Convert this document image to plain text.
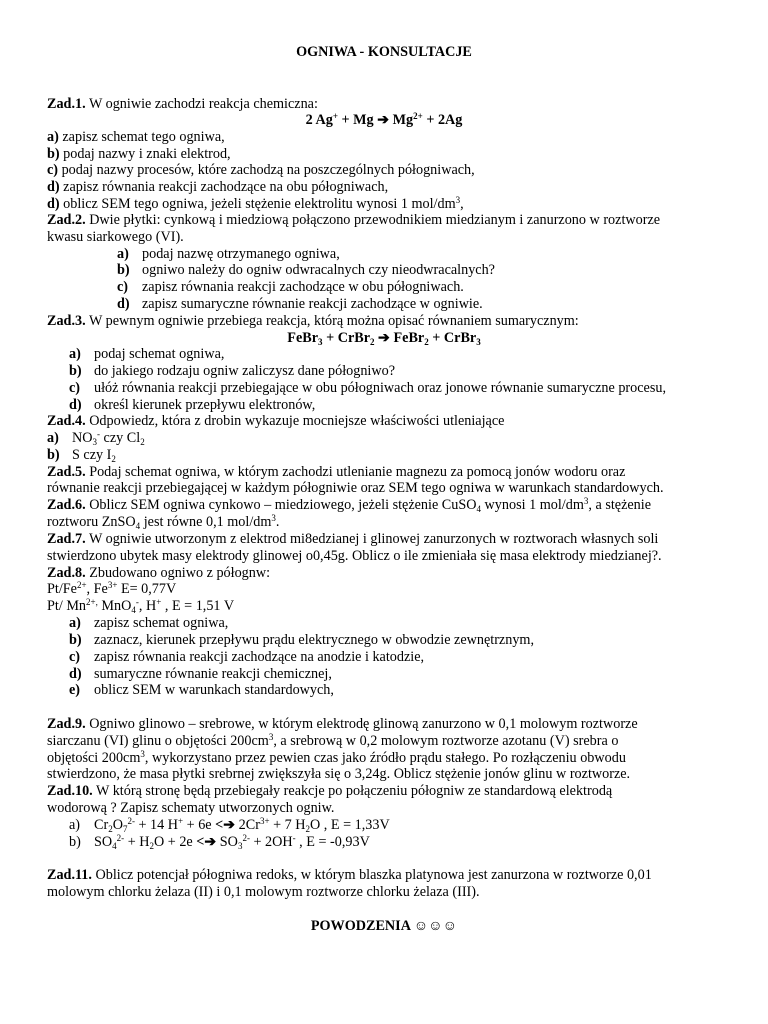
OGNIWA - KONSULTACJE
Zad.1. W ogniwie zachodzi reakcja chemiczna:
2 Ag+ + Mg ➔ $Mg^{2+} + 2Ag$
a) zapisz schemat tego ogniwa,
b) podaj nazwy i znaki elektrod,
c) podaj nazwy procesów, które zachodzą na poszczególnych półogniwach,
d) zapisz równania reakcji zachodzące na obu półogniwach,
d) oblicz SEM tego ogniwa, jeżeli stężenie elektrolitu wynosi 1 mol/$dm^3$,
Zad.2. Dwie płytki: cynkową i miedziową połączono przewodnikiem miedzianym i zanurzono w roztworze
kwasu siarkowego (VI).
a) podaj nazwę otrzymanego ogniwa,
b) ogniwo należy do ogniw odwracalnych czy nieodwracalnych?
c) zapisz równania reakcji zachodzące w obu półogniwach.
d) zapisz sumaryczne równanie reakcji zachodzące w ogniwie.
Zad.3. W pewnym ogniwie przebiega reakcja, którą można opisać równaniem sumarycznym:
FeBr$_3$ + CrBr$_2$ ➔ FeBr$_2$ + CrBr$_3$
a) podaj schemat ogniwa,
b) do jakiego rodzaju ogniw zaliczysz dane półogniwo?
c) ułóż równania reakcji przebiegające w obu półogniwach oraz jonowe równanie sumaryczne procesu,
d) określ kierunek przepływu elektronów,
Zad.4. Odpowiedz, która z drobin wykazuje mocniejsze właściwości utleniające
a) $NO_3^-$ czy $Cl_2$
b) S czy $I_2$
Zad.5. Podaj schemat ogniwa, w którym zachodzi utlenianie magnezu za pomocą jonów wodoru oraz
równanie reakcji przebiegającej w każdym półogniwie oraz SEM tego ogniwa w warunkach standardowych.
Zad.6. Oblicz SEM ogniwa cynkowo – miedziowego, jeżeli stężenie CuSO$_4$ wynosi 1 mol/$dm^3$, a stężenie
roztworu ZnSO$_4$ jest równe 0,1 mol/$dm^3$.
Zad.7. W ogniwie utworzonym z elektrod mi8edzianej i glinowej zanurzonych w roztworach własnych soli
stwierdzono ubytek masy elektrody glinowej o0,45g. Oblicz o ile zmieniała się masa elektrody miedzianej?.
Zad.8. Zbudowano ogniwo z półognw:
$Pt/Fe^{2+}$, $Fe^{3+}$ E= 0,77V
Pt/ $Mn^{2+,}$ MnO$_4$-, H+ , E = 1,51 V
a) zapisz schemat ogniwa,
b) zaznacz, kierunek przepływu prądu elektrycznego w obwodzie zewnętrznym,
c) zapisz równania reakcji zachodzące na anodzie i katodzie,
d) sumaryczne równanie reakcji chemicznej,
e) oblicz SEM w warunkach standardowych,
Zad.9. Ogniwo glinowo – srebrowe, w którym elektrodę glinową zanurzono w 0,1 molowym roztworze
siarczanu (VI) glinu o objętości $200cm^3$, a srebrową w 0,2 molowym roztworze azotanu (V) srebra o
objętości $200cm^3$, wykorzystano przez pewien czas jako źródło prądu stałego. Po rozłączeniu obwodu
stwierdzono, że masa płytki srebrnej zwiększyła się o 3,24g. Oblicz stężenie jonów glinu w roztworze.
Zad.10. W którą stronę będą przebiegały reakcje po połączeniu półogniw ze standardową elektrodą
wodorową ? Zapisz schematy utworzonych ogniw.
a) $Cr_2O_7^{2-} + 14$ H+ + 6e <➔ $2Cr^{3+} + 7$ $H_2O$ , E = 1,33V
b) $SO_4^{2-} + H_2O + 2e$ <➔ $SO_3^{2-} + 2OH^-$ , E = -0,93V
Zad.11. Oblicz potencjał półogniwa redoks, w którym blaszka platynowa jest zanurzona w roztworze 0,01
molowym chlorku żelaza (II) i 0,1 molowym roztworze chlorku żelaza (III).
POWODZENIA ☺☺☺
